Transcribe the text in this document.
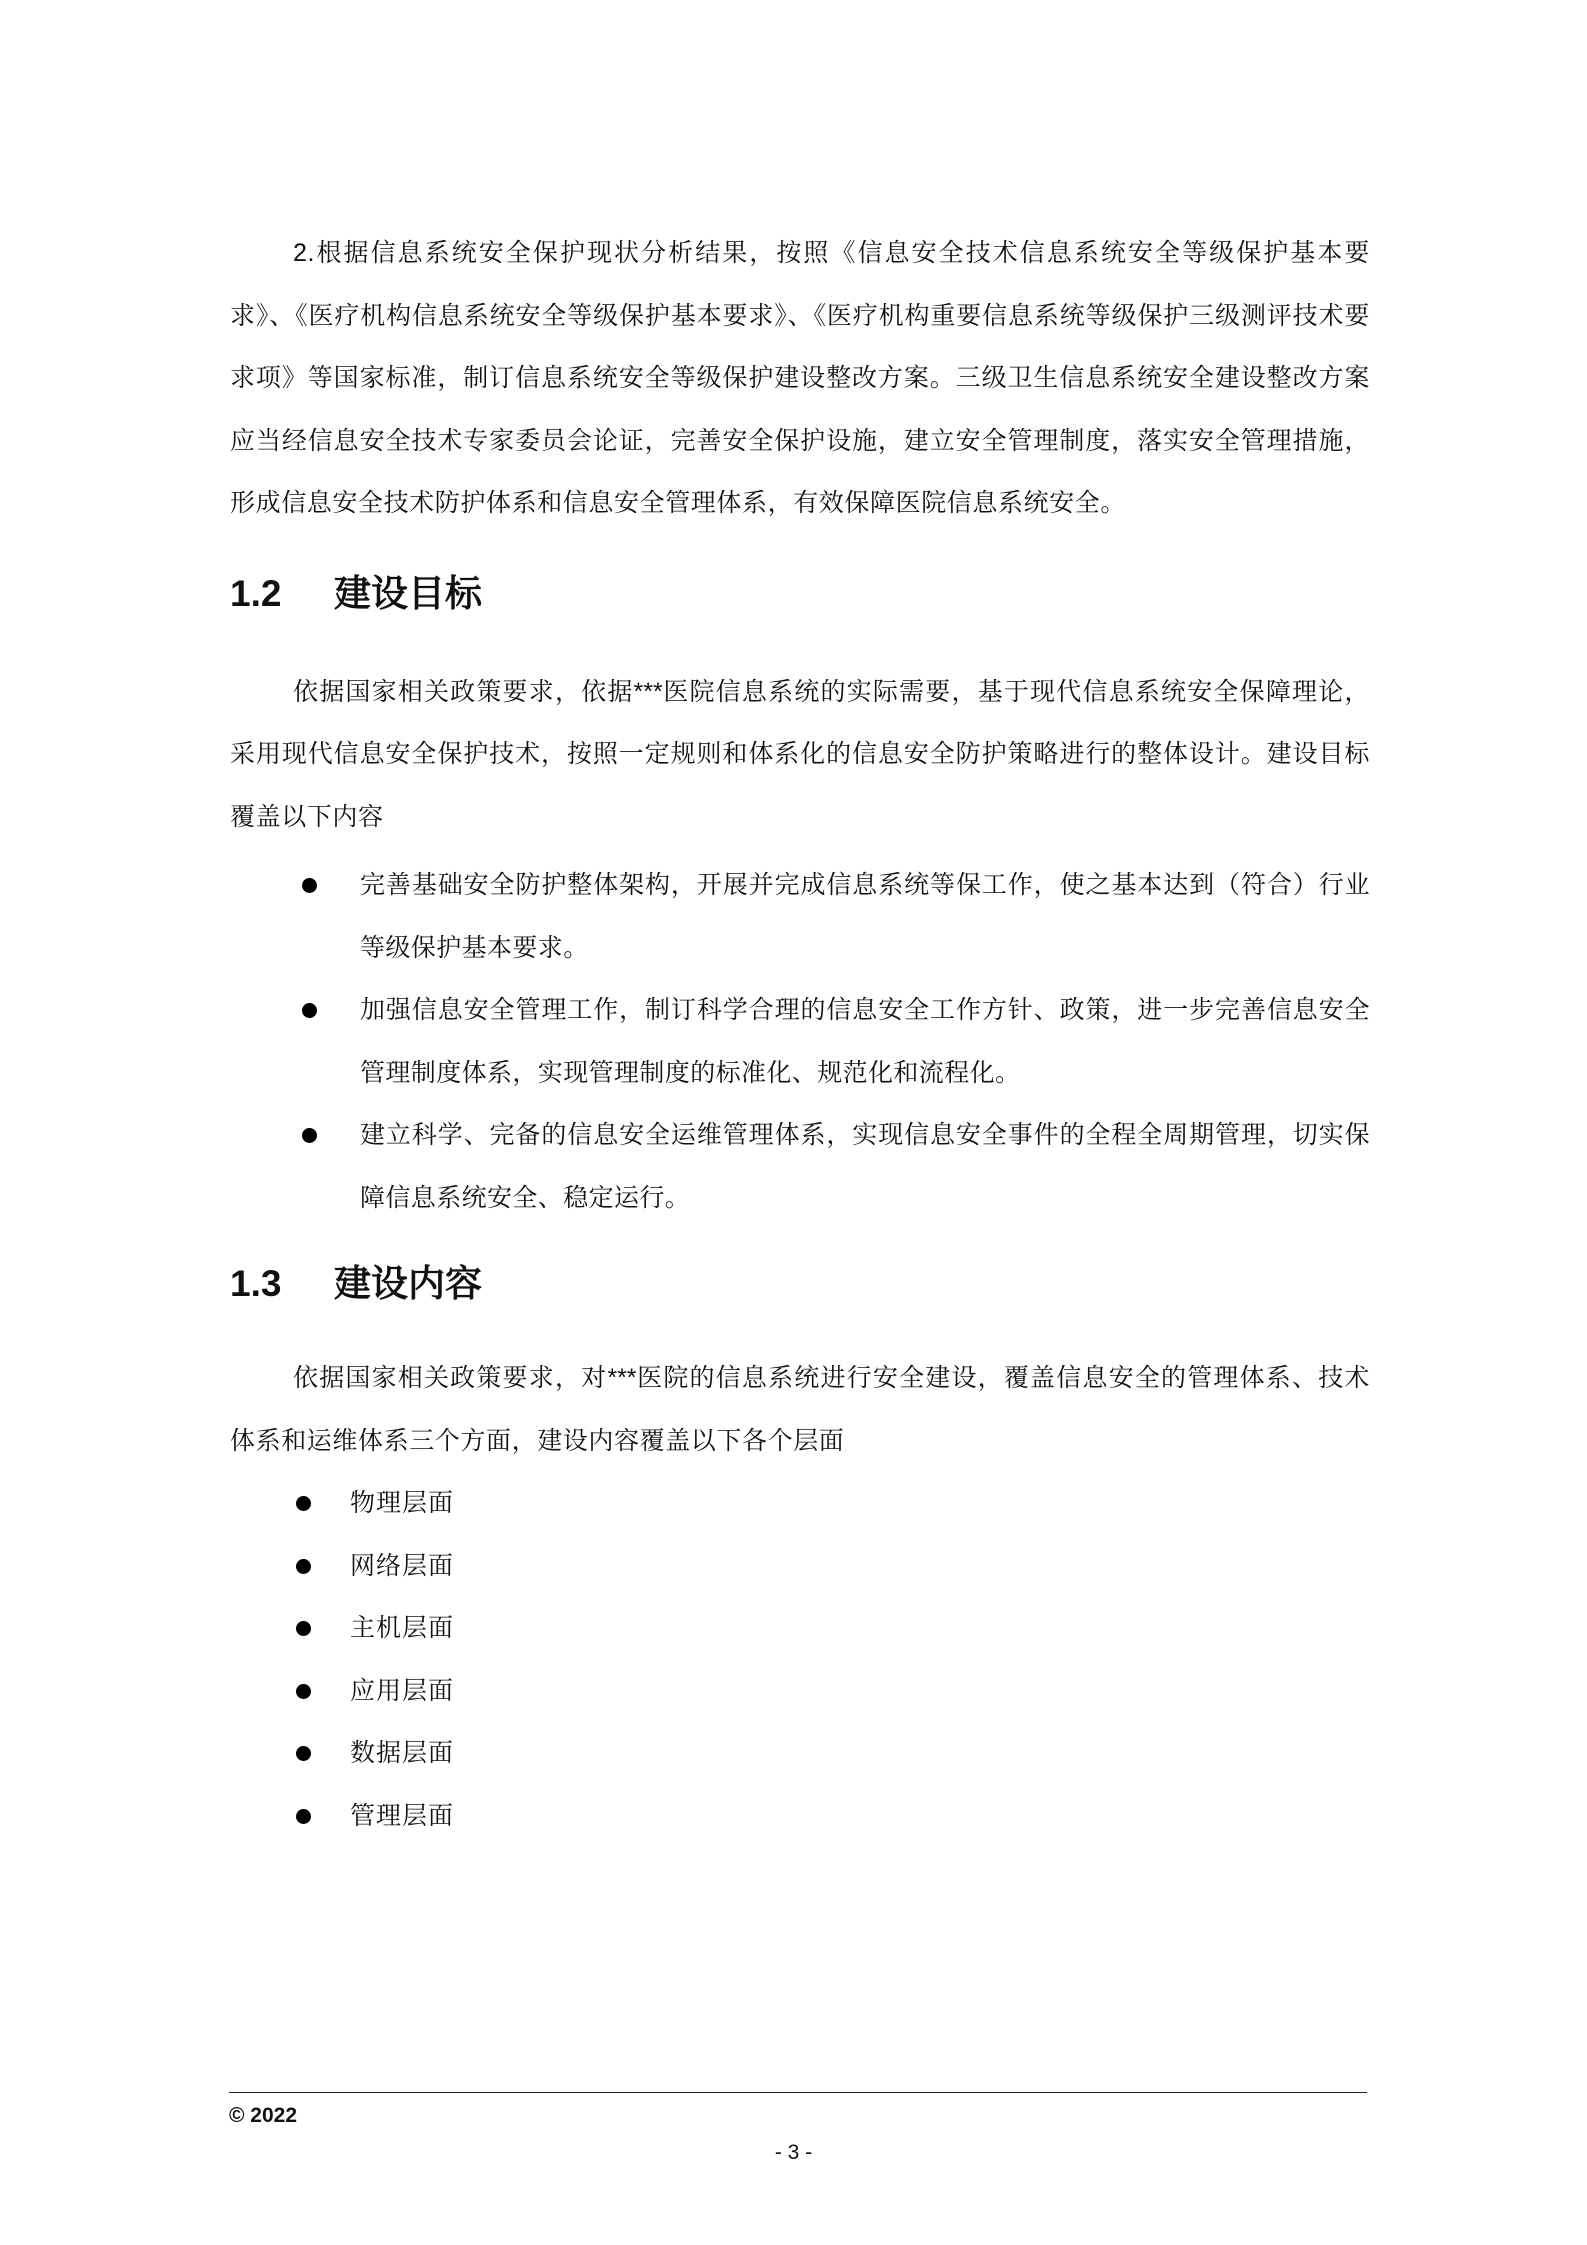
2.根据信息系统安全保护现状分析结果，按照《信息安全技术信息系统安全等级保护基本要求》、《医疗机构信息系统安全等级保护基本要求》、《医疗机构重要信息系统等级保护三级测评技术要求项》等国家标准，制订信息系统安全等级保护建设整改方案。三级卫生信息系统安全建设整改方案应当经信息安全技术专家委员会论证，完善安全保护设施，建立安全管理制度，落实安全管理措施，形成信息安全技术防护体系和信息安全管理体系，有效保障医院信息系统安全。

1.2	建设目标

依据国家相关政策要求，依据***医院信息系统的实际需要，基于现代信息系统安全保障理论，采用现代信息安全保护技术，按照一定规则和体系化的信息安全防护策略进行的整体设计。建设目标覆盖以下内容

完善基础安全防护整体架构，开展并完成信息系统等保工作，使之基本达到（符合）行业等级保护基本要求。
加强信息安全管理工作，制订科学合理的信息安全工作方针、政策，进一步完善信息安全管理制度体系，实现管理制度的标准化、规范化和流程化。
建立科学、完备的信息安全运维管理体系，实现信息安全事件的全程全周期管理，切实保障信息系统安全、稳定运行。
1.3	建设内容

依据国家相关政策要求，对***医院的信息系统进行安全建设，覆盖信息安全的管理体系、技术体系和运维体系三个方面，建设内容覆盖以下各个层面

物理层面
网络层面
主机层面
应用层面
数据层面
管理层面
© 2022
- 3 -
